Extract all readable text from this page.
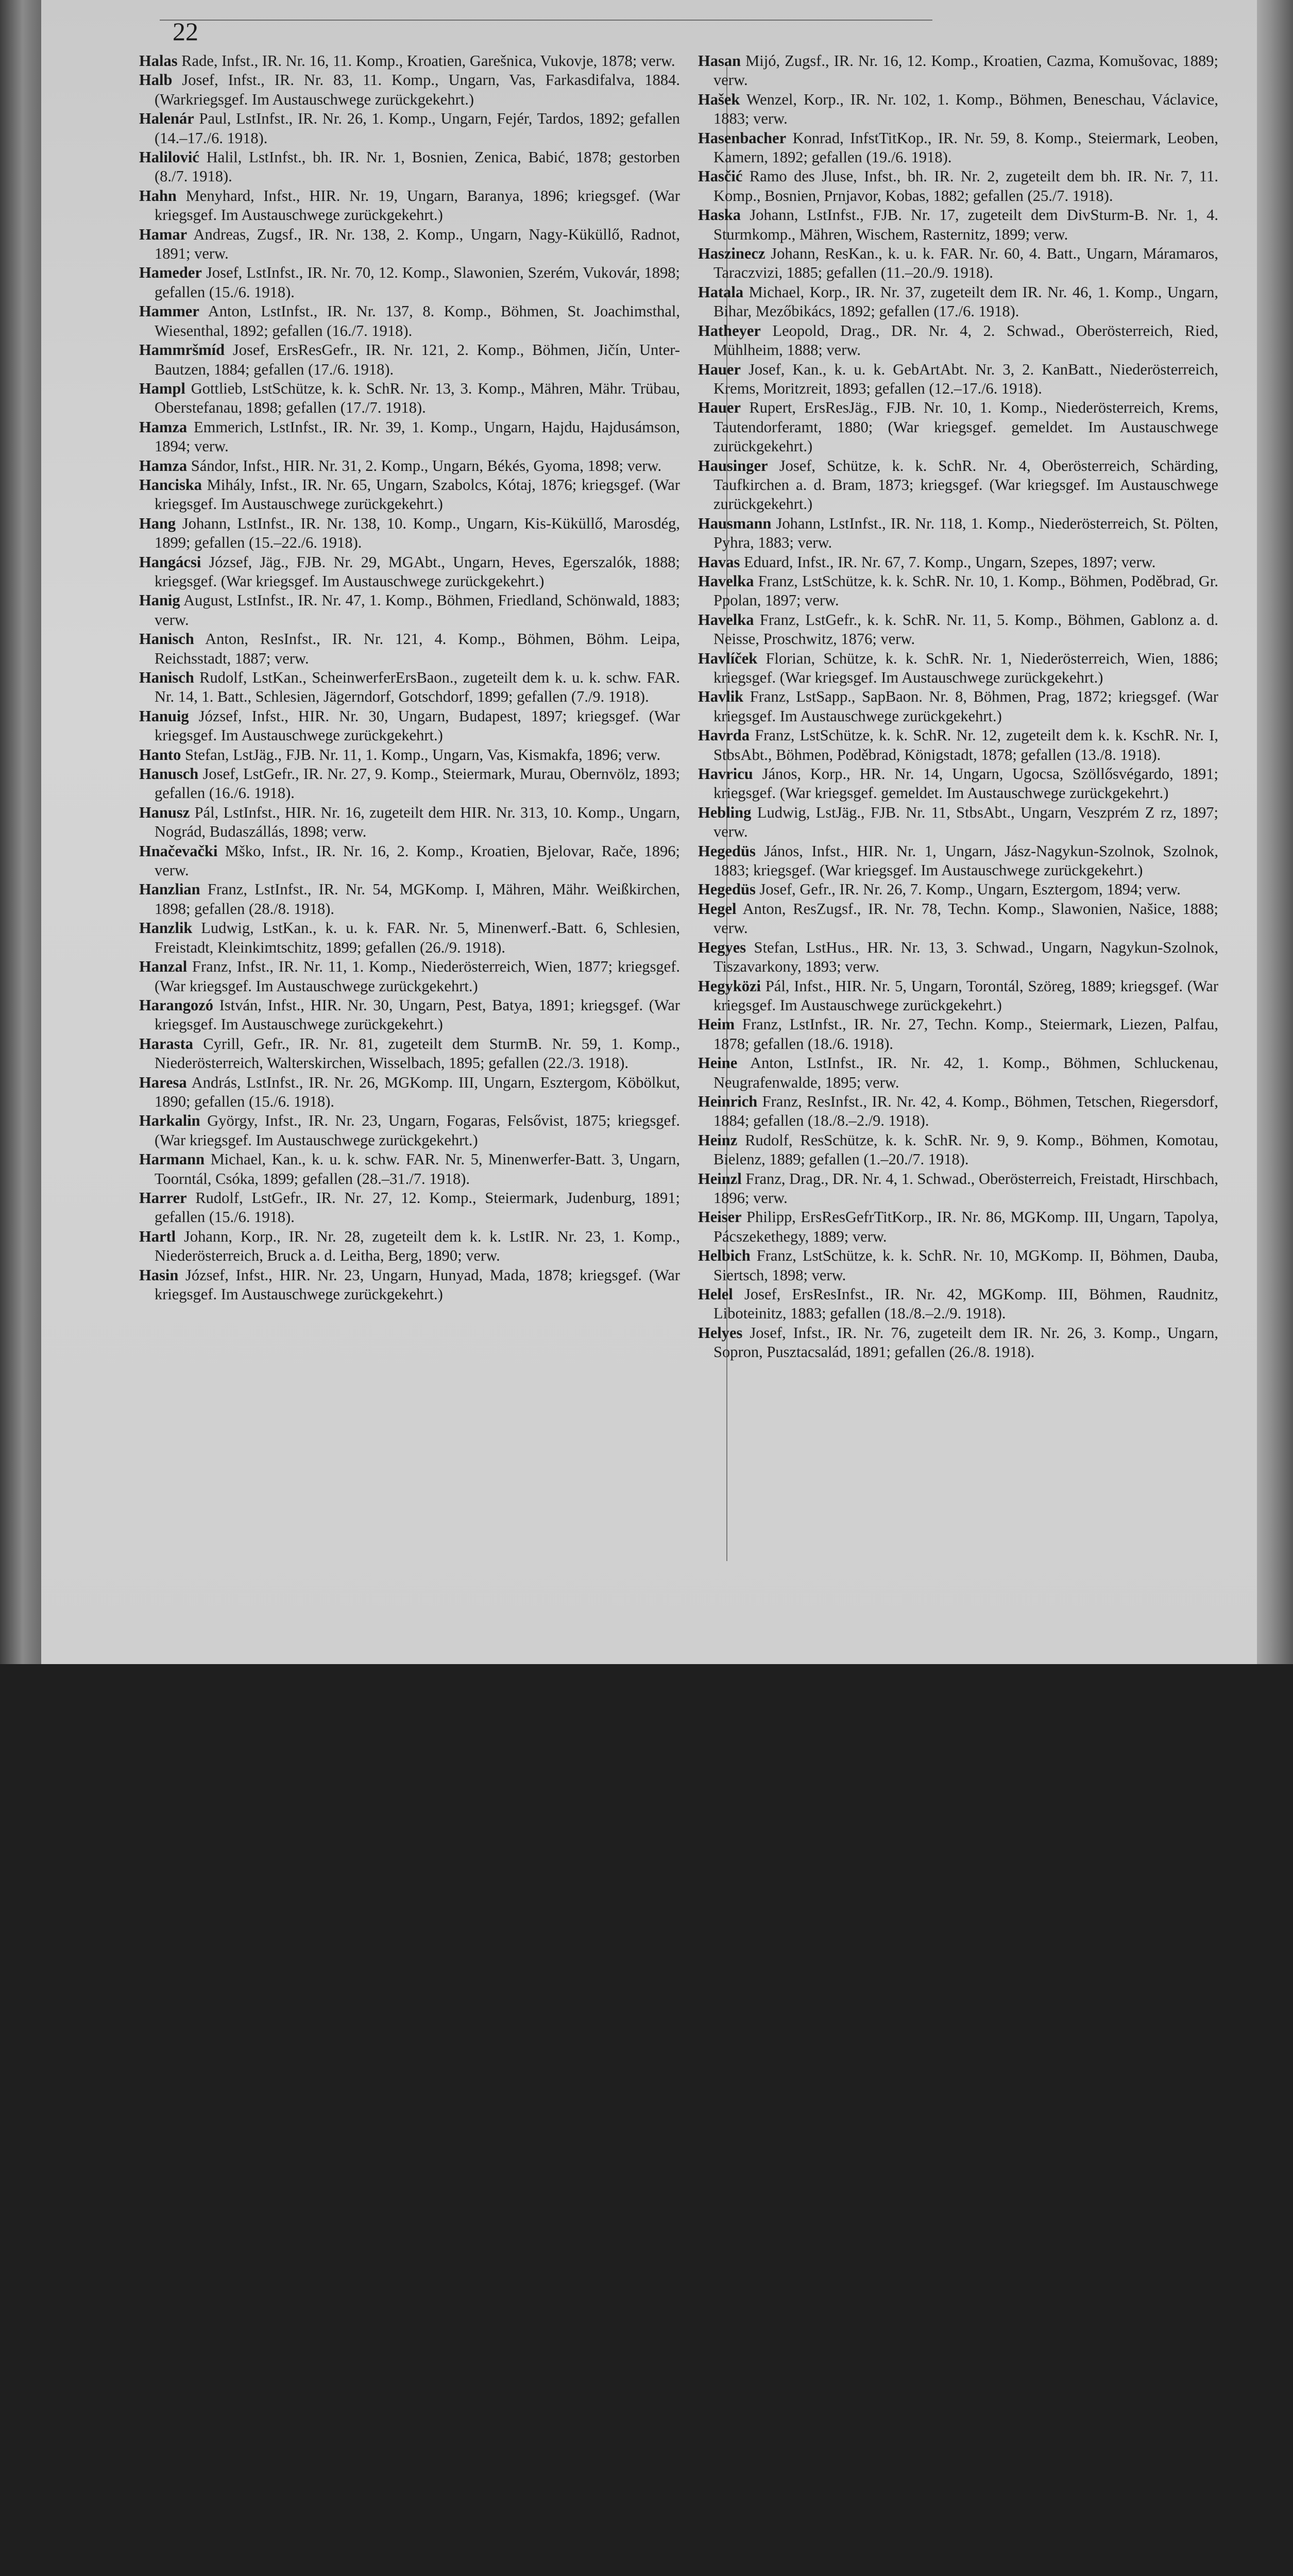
22

Halas Rade, Infst., IR. Nr. 16, 11. Komp., Kroatien, Garešnica, Vukovje, 1878; verw.

Halb Josef, Infst., IR. Nr. 83, 11. Komp., Ungarn, Vas, Farkasdifalva, 1884. (Warkriegsgef. Im Austauschwege zurückgekehrt.)

Halenár Paul, LstInfst., IR. Nr. 26, 1. Komp., Ungarn, Fejér, Tardos, 1892; gefallen (14.–17./6. 1918).

Halilović Halil, LstInfst., bh. IR. Nr. 1, Bosnien, Zenica, Babić, 1878; gestorben (8./7. 1918).

Hahn Menyhard, Infst., HIR. Nr. 19, Ungarn, Baranya, 1896; kriegsgef. (War kriegsgef. Im Austauschwege zurückgekehrt.)

Hamar Andreas, Zugsf., IR. Nr. 138, 2. Komp., Ungarn, Nagy-Küküllő, Radnot, 1891; verw.

Hameder Josef, LstInfst., IR. Nr. 70, 12. Komp., Slawonien, Szerém, Vukovár, 1898; gefallen (15./6. 1918).

Hammer Anton, LstInfst., IR. Nr. 137, 8. Komp., Böhmen, St. Joachimsthal, Wiesenthal, 1892; gefallen (16./7. 1918).

Hammršmíd Josef, ErsResGefr., IR. Nr. 121, 2. Komp., Böhmen, Jičín, Unter-Bautzen, 1884; gefallen (17./6. 1918).

Hampl Gottlieb, LstSchütze, k. k. SchR. Nr. 13, 3. Komp., Mähren, Mähr. Trübau, Oberstefanau, 1898; gefallen (17./7. 1918).

Hamza Emmerich, LstInfst., IR. Nr. 39, 1. Komp., Ungarn, Hajdu, Hajdusámson, 1894; verw.

Hamza Sándor, Infst., HIR. Nr. 31, 2. Komp., Ungarn, Békés, Gyoma, 1898; verw.

Hanciska Mihály, Infst., IR. Nr. 65, Ungarn, Szabolcs, Kótaj, 1876; kriegsgef. (War kriegsgef. Im Austauschwege zurückgekehrt.)

Hang Johann, LstInfst., IR. Nr. 138, 10. Komp., Ungarn, Kis-Küküllő, Marosdég, 1899; gefallen (15.–22./6. 1918).

Hangácsi József, Jäg., FJB. Nr. 29, MGAbt., Ungarn, Heves, Egerszalók, 1888; kriegsgef. (War kriegsgef. Im Austauschwege zurückgekehrt.)

Hanig August, LstInfst., IR. Nr. 47, 1. Komp., Böhmen, Friedland, Schönwald, 1883; verw.

Hanisch Anton, ResInfst., IR. Nr. 121, 4. Komp., Böhmen, Böhm. Leipa, Reichsstadt, 1887; verw.

Hanisch Rudolf, LstKan., ScheinwerferErsBaon., zugeteilt dem k. u. k. schw. FAR. Nr. 14, 1. Batt., Schlesien, Jägerndorf, Gotschdorf, 1899; gefallen (7./9. 1918).

Hanuig József, Infst., HIR. Nr. 30, Ungarn, Budapest, 1897; kriegsgef. (War kriegsgef. Im Austauschwege zurückgekehrt.)

Hanto Stefan, LstJäg., FJB. Nr. 11, 1. Komp., Ungarn, Vas, Kismakfa, 1896; verw.

Hanusch Josef, LstGefr., IR. Nr. 27, 9. Komp., Steiermark, Murau, Obernvölz, 1893; gefallen (16./6. 1918).

Hanusz Pál, LstInfst., HIR. Nr. 16, zugeteilt dem HIR. Nr. 313, 10. Komp., Ungarn, Nográd, Budaszállás, 1898; verw.

Hnačevački Mško, Infst., IR. Nr. 16, 2. Komp., Kroatien, Bjelovar, Rače, 1896; verw.

Hanzlian Franz, LstInfst., IR. Nr. 54, MGKomp. I, Mähren, Mähr. Weißkirchen, 1898; gefallen (28./8. 1918).

Hanzlik Ludwig, LstKan., k. u. k. FAR. Nr. 5, Minenwerf.-Batt. 6, Schlesien, Freistadt, Kleinkimtschitz, 1899; gefallen (26./9. 1918).

Hanzal Franz, Infst., IR. Nr. 11, 1. Komp., Niederösterreich, Wien, 1877; kriegsgef. (War kriegsgef. Im Austauschwege zurückgekehrt.)

Harangozó István, Infst., HIR. Nr. 30, Ungarn, Pest, Batya, 1891; kriegsgef. (War kriegsgef. Im Austauschwege zurückgekehrt.)

Harasta Cyrill, Gefr., IR. Nr. 81, zugeteilt dem SturmB. Nr. 59, 1. Komp., Niederösterreich, Walterskirchen, Wisselbach, 1895; gefallen (22./3. 1918).

Haresa András, LstInfst., IR. Nr. 26, MGKomp. III, Ungarn, Esztergom, Köbölkut, 1890; gefallen (15./6. 1918).

Harkalin György, Infst., IR. Nr. 23, Ungarn, Fogaras, Felsővist, 1875; kriegsgef. (War kriegsgef. Im Austauschwege zurückgekehrt.)

Harmann Michael, Kan., k. u. k. schw. FAR. Nr. 5, Minenwerfer-Batt. 3, Ungarn, Toorntál, Csóka, 1899; gefallen (28.–31./7. 1918).

Harrer Rudolf, LstGefr., IR. Nr. 27, 12. Komp., Steiermark, Judenburg, 1891; gefallen (15./6. 1918).

Hartl Johann, Korp., IR. Nr. 28, zugeteilt dem k. k. LstIR. Nr. 23, 1. Komp., Niederösterreich, Bruck a. d. Leitha, Berg, 1890; verw.

Hasin József, Infst., HIR. Nr. 23, Ungarn, Hunyad, Mada, 1878; kriegsgef. (War kriegsgef. Im Austauschwege zurückgekehrt.)

Hasan Mijó, Zugsf., IR. Nr. 16, 12. Komp., Kroatien, Cazma, Komušovac, 1889; verw.

Hašek Wenzel, Korp., IR. Nr. 102, 1. Komp., Böhmen, Beneschau, Václavice, 1883; verw.

Hasenbacher Konrad, InfstTitKop., IR. Nr. 59, 8. Komp., Steiermark, Leoben, Kamern, 1892; gefallen (19./6. 1918).

Hasčić Ramo des Jluse, Infst., bh. IR. Nr. 2, zugeteilt dem bh. IR. Nr. 7, 11. Komp., Bosnien, Prnjavor, Kobas, 1882; gefallen (25./7. 1918).

Haska Johann, LstInfst., FJB. Nr. 17, zugeteilt dem DivSturm-B. Nr. 1, 4. Sturmkomp., Mähren, Wischem, Rasternitz, 1899; verw.

Haszinecz Johann, ResKan., k. u. k. FAR. Nr. 60, 4. Batt., Ungarn, Máramaros, Taraczvizi, 1885; gefallen (11.–20./9. 1918).

Hatala Michael, Korp., IR. Nr. 37, zugeteilt dem IR. Nr. 46, 1. Komp., Ungarn, Bihar, Mezőbikács, 1892; gefallen (17./6. 1918).

Hatheyer Leopold, Drag., DR. Nr. 4, 2. Schwad., Oberösterreich, Ried, Mühlheim, 1888; verw.

Hauer Josef, Kan., k. u. k. GebArtAbt. Nr. 3, 2. KanBatt., Niederösterreich, Krems, Moritzreit, 1893; gefallen (12.–17./6. 1918).

Hauer Rupert, ErsResJäg., FJB. Nr. 10, 1. Komp., Niederösterreich, Krems, Tautendorferamt, 1880; (War kriegsgef. gemeldet. Im Austauschwege zurückgekehrt.)

Hausinger Josef, Schütze, k. k. SchR. Nr. 4, Oberösterreich, Schärding, Taufkirchen a. d. Bram, 1873; kriegsgef. (War kriegsgef. Im Austauschwege zurückgekehrt.)

Hausmann Johann, LstInfst., IR. Nr. 118, 1. Komp., Niederösterreich, St. Pölten, Pyhra, 1883; verw.

Havas Eduard, Infst., IR. Nr. 67, 7. Komp., Ungarn, Szepes, 1897; verw.

Havelka Franz, LstSchütze, k. k. SchR. Nr. 10, 1. Komp., Böhmen, Poděbrad, Gr. Ppolan, 1897; verw.

Havelka Franz, LstGefr., k. k. SchR. Nr. 11, 5. Komp., Böhmen, Gablonz a. d. Neisse, Proschwitz, 1876; verw.

Havlíček Florian, Schütze, k. k. SchR. Nr. 1, Niederösterreich, Wien, 1886; kriegsgef. (War kriegsgef. Im Austauschwege zurückgekehrt.)

Havlik Franz, LstSapp., SapBaon. Nr. 8, Böhmen, Prag, 1872; kriegsgef. (War kriegsgef. Im Austauschwege zurückgekehrt.)

Havrda Franz, LstSchütze, k. k. SchR. Nr. 12, zugeteilt dem k. k. KschR. Nr. I, StbsAbt., Böhmen, Poděbrad, Königstadt, 1878; gefallen (13./8. 1918).

Havricu János, Korp., HR. Nr. 14, Ungarn, Ugocsa, Szöllősvégardo, 1891; kriegsgef. (War kriegsgef. gemeldet. Im Austauschwege zurückgekehrt.)

Hebling Ludwig, LstJäg., FJB. Nr. 11, StbsAbt., Ungarn, Veszprém Z rz, 1897; verw.

Hegedüs János, Infst., HIR. Nr. 1, Ungarn, Jász-Nagykun-Szolnok, Szolnok, 1883; kriegsgef. (War kriegsgef. Im Austauschwege zurückgekehrt.)

Hegedüs Josef, Gefr., IR. Nr. 26, 7. Komp., Ungarn, Esztergom, 1894; verw.

Hegel Anton, ResZugsf., IR. Nr. 78, Techn. Komp., Slawonien, Našice, 1888; verw.

Hegyes Stefan, LstHus., HR. Nr. 13, 3. Schwad., Ungarn, Nagykun-Szolnok, Tiszavarkony, 1893; verw.

Hegyközi Pál, Infst., HIR. Nr. 5, Ungarn, Torontál, Szöreg, 1889; kriegsgef. (War kriegsgef. Im Austauschwege zurückgekehrt.)

Heim Franz, LstInfst., IR. Nr. 27, Techn. Komp., Steiermark, Liezen, Palfau, 1878; gefallen (18./6. 1918).

Heine Anton, LstInfst., IR. Nr. 42, 1. Komp., Böhmen, Schluckenau, Neugrafenwalde, 1895; verw.

Heinrich Franz, ResInfst., IR. Nr. 42, 4. Komp., Böhmen, Tetschen, Riegersdorf, 1884; gefallen (18./8.–2./9. 1918).

Heinz Rudolf, ResSchütze, k. k. SchR. Nr. 9, 9. Komp., Böhmen, Komotau, Bielenz, 1889; gefallen (1.–20./7. 1918).

Heinzl Franz, Drag., DR. Nr. 4, 1. Schwad., Oberösterreich, Freistadt, Hirschbach, 1896; verw.

Heiser Philipp, ErsResGefrTitKorp., IR. Nr. 86, MGKomp. III, Ungarn, Tapolya, Pácszekethegy, 1889; verw.

Helbich Franz, LstSchütze, k. k. SchR. Nr. 10, MGKomp. II, Böhmen, Dauba, Siertsch, 1898; verw.

Helel Josef, ErsResInfst., IR. Nr. 42, MGKomp. III, Böhmen, Raudnitz, Liboteinitz, 1883; gefallen (18./8.–2./9. 1918).

Helyes Josef, Infst., IR. Nr. 76, zugeteilt dem IR. Nr. 26, 3. Komp., Ungarn, Sopron, Pusztacsalád, 1891; gefallen (26./8. 1918).
